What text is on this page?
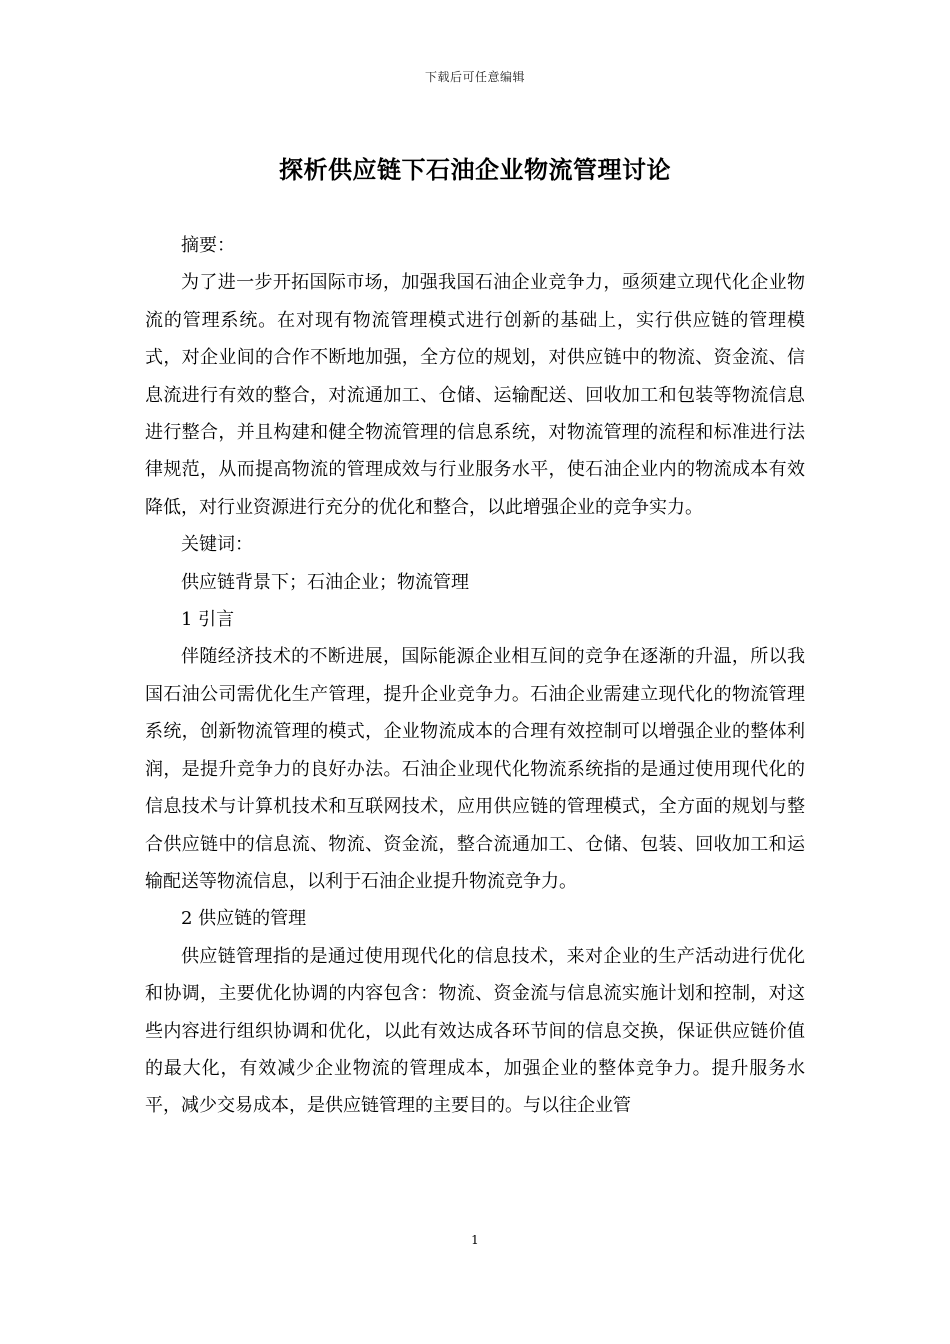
下载后可任意编辑
探析供应链下石油企业物流管理讨论

摘要：

为了进一步开拓国际市场，加强我国石油企业竞争力，亟须建立现代化企业物流的管理系统。在对现有物流管理模式进行创新的基础上，实行供应链的管理模式，对企业间的合作不断地加强，全方位的规划，对供应链中的物流、资金流、信息流进行有效的整合，对流通加工、仓储、运输配送、回收加工和包装等物流信息进行整合，并且构建和健全物流管理的信息系统，对物流管理的流程和标准进行法律规范，从而提高物流的管理成效与行业服务水平，使石油企业内的物流成本有效降低，对行业资源进行充分的优化和整合，以此增强企业的竞争实力。

关键词：

供应链背景下；石油企业；物流管理

1 引言

伴随经济技术的不断进展，国际能源企业相互间的竞争在逐渐的升温，所以我国石油公司需优化生产管理，提升企业竞争力。石油企业需建立现代化的物流管理系统，创新物流管理的模式，企业物流成本的合理有效控制可以增强企业的整体利润，是提升竞争力的良好办法。石油企业现代化物流系统指的是通过使用现代化的信息技术与计算机技术和互联网技术，应用供应链的管理模式，全方面的规划与整合供应链中的信息流、物流、资金流，整合流通加工、仓储、包装、回收加工和运输配送等物流信息，以利于石油企业提升物流竞争力。

2 供应链的管理

供应链管理指的是通过使用现代化的信息技术，来对企业的生产活动进行优化和协调，主要优化协调的内容包含：物流、资金流与信息流实施计划和控制，对这些内容进行组织协调和优化，以此有效达成各环节间的信息交换，保证供应链价值的最大化，有效减少企业物流的管理成本，加强企业的整体竞争力。提升服务水平，减少交易成本，是供应链管理的主要目的。与以往企业管

1
